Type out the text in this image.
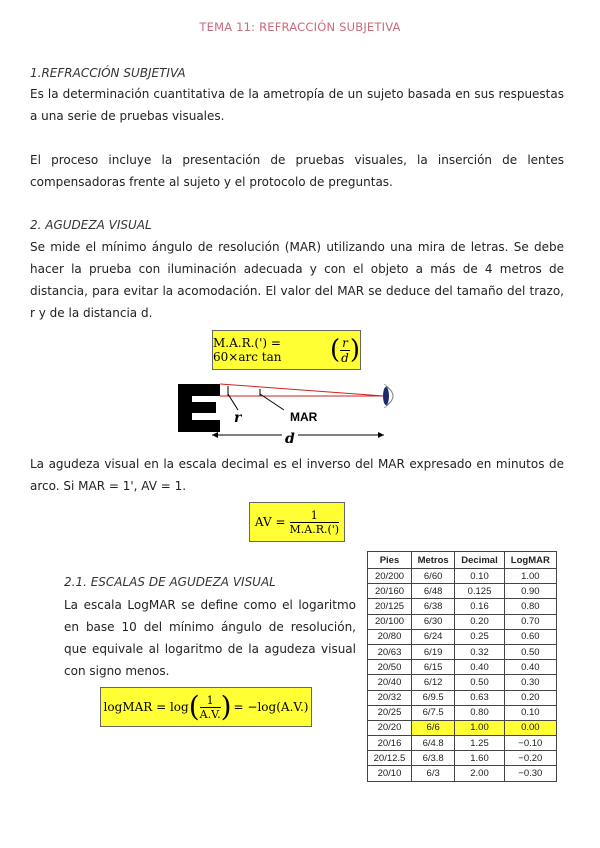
TEMA 11: REFRACCIÓN SUBJETIVA
1.REFRACCIÓN SUBJETIVA
Es la determinación cuantitativa de la ametropía de un sujeto basada en sus respuestas a una serie de pruebas visuales.
El proceso incluye la presentación de pruebas visuales, la inserción de lentes compensadoras frente al sujeto y el protocolo de preguntas.
2. AGUDEZA VISUAL
Se mide el mínimo ángulo de resolución (MAR) utilizando una mira de letras. Se debe hacer la prueba con iluminación adecuada y con el objeto a más de 4 metros de distancia, para evitar la acomodación. El valor del MAR se deduce del tamaño del trazo, r y de la distancia d.
M.A.R.(') = 60×arc tan	( $\frac{r}{d}$ )
r	MAR
d
La agudeza visual en la escala decimal es el inverso del MAR expresado en minutos de arco. Si MAR = 1', AV = 1.
AV = $\frac{1}{M.A.R.(')}$
2.1. ESCALAS DE AGUDEZA VISUAL
La escala LogMAR se define como el logaritmo en base 10 del mínimo ángulo de resolución, que equivale al logaritmo de la agudeza visual con signo menos.
logMAR = log ( $\frac{1}{A.V.}$ ) = −log(A.V.)
Pies	Metros	Decimal	LogMAR
20/200	6/60	0.10	1.00
20/160	6/48	0.125	0.90
20/125	6/38	0.16	0.80
20/100	6/30	0.20	0.70
20/80	6/24	0.25	0.60
20/63	6/19	0.32	0.50
20/50	6/15	0.40	0.40
20/40	6/12	0.50	0.30
20/32	6/9.5	0.63	0.20
20/25	6/7.5	0.80	0.10
20/20	6/6	1.00	0.00
20/16	6/4.8	1.25	−0.10
20/12.5	6/3.8	1.60	−0.20
20/10	6/3	2.00	−0.30
